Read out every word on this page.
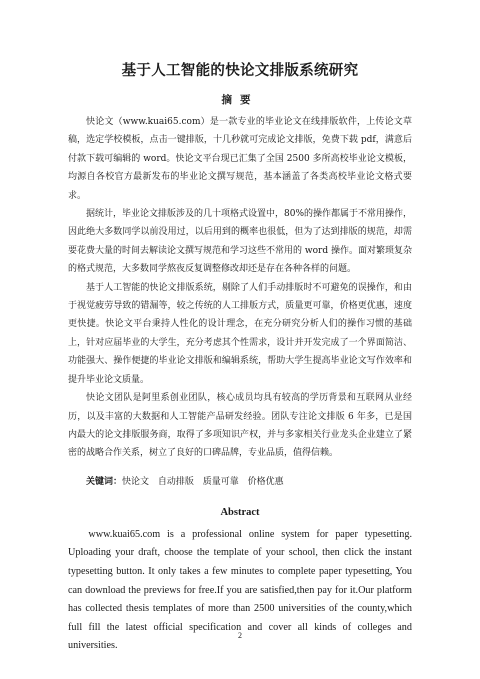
基于人工智能的快论文排版系统研究
摘要

快论文（www.kuai65.com）是一款专业的毕业论文在线排版软件，上传论文草稿，选定学校模板，点击一键排版，十几秒就可完成论文排版，免费下载 pdf，满意后付款下载可编辑的 word。快论文平台现已汇集了全国 2500 多所高校毕业论文模板，均源自各校官方最新发布的毕业论文撰写规范，基本涵盖了各类高校毕业论文格式要求。

据统计，毕业论文排版涉及的几十项格式设置中，80%的操作都属于不常用操作，因此绝大多数同学以前没用过，以后用到的概率也很低，但为了达到排版的规范，却需要花费大量的时间去解读论文撰写规范和学习这些不常用的 word 操作。面对繁琐复杂的格式规范，大多数同学熬夜反复调整修改却还是存在各种各样的问题。

基于人工智能的快论文排版系统，剔除了人们手动排版时不可避免的误操作，和由于视觉疲劳导致的错漏等，较之传统的人工排版方式，质量更可靠，价格更优惠，速度更快捷。快论文平台秉持人性化的设计理念，在充分研究分析人们的操作习惯的基础上，针对应届毕业的大学生，充分考虑其个性需求，设计并开发完成了一个界面简洁、功能强大、操作便捷的毕业论文排版和编辑系统，帮助大学生提高毕业论文写作效率和提升毕业论文质量。

快论文团队是阿里系创业团队，核心成员均具有较高的学历背景和互联网从业经历，以及丰富的大数据和人工智能产品研发经验。团队专注论文排版 6 年多，已是国内最大的论文排版服务商，取得了多项知识产权，并与多家相关行业龙头企业建立了紧密的战略合作关系，树立了良好的口碑品牌，专业品质，值得信赖。

关键词：快论文 自动排版 质量可靠 价格优惠

Abstract

www.kuai65.com is a professional online system for paper typesetting. Uploading your draft, choose the template of your school, then click the instant typesetting button. It only takes a few minutes to complete paper typesetting, You can download the previews for free.If you are satisfied,then pay for it.Our platform has collected thesis templates of more than 2500 universities of the county,which full fill the latest official specification and cover all kinds of colleges and universities.

2
